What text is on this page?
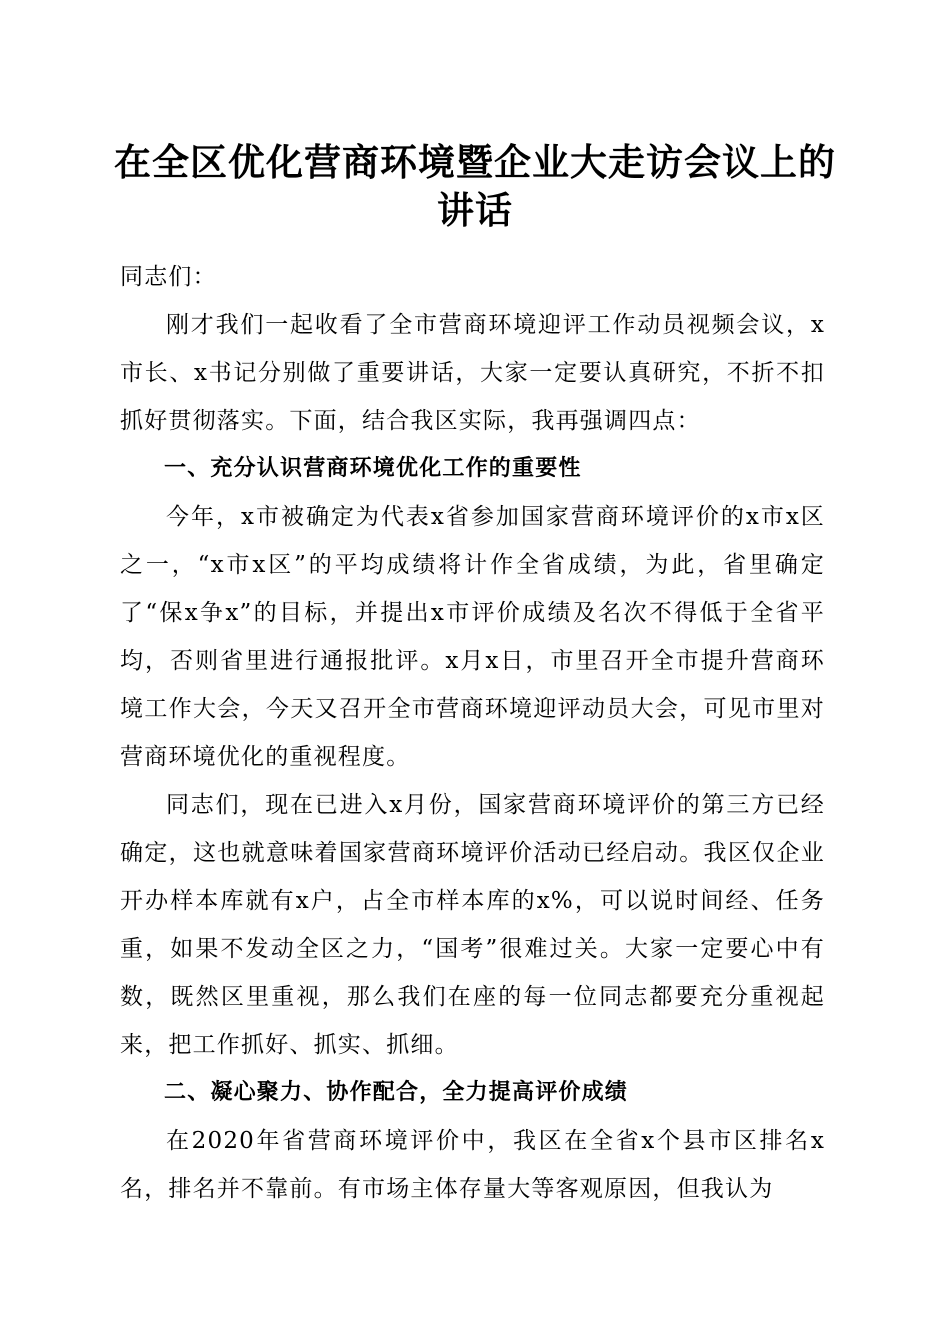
在全区优化营商环境暨企业大走访会议上的讲话

同志们：

刚才我们一起收看了全市营商环境迎评工作动员视频会议，x市长、x书记分别做了重要讲话，大家一定要认真研究，不折不扣抓好贯彻落实。下面，结合我区实际，我再强调四点：

一、充分认识营商环境优化工作的重要性

今年，x市被确定为代表x省参加国家营商环境评价的x市x区之一，“x市x区”的平均成绩将计作全省成绩，为此，省里确定了“保x争x”的目标，并提出x市评价成绩及名次不得低于全省平均，否则省里进行通报批评。x月x日，市里召开全市提升营商环境工作大会，今天又召开全市营商环境迎评动员大会，可见市里对营商环境优化的重视程度。

同志们，现在已进入x月份，国家营商环境评价的第三方已经确定，这也就意味着国家营商环境评价活动已经启动。我区仅企业开办样本库就有x户，占全市样本库的x%，可以说时间经、任务重，如果不发动全区之力，“国考”很难过关。大家一定要心中有数，既然区里重视，那么我们在座的每一位同志都要充分重视起来，把工作抓好、抓实、抓细。

二、凝心聚力、协作配合，全力提高评价成绩

在2020年省营商环境评价中，我区在全省x个县市区排名x名，排名并不靠前。有市场主体存量大等客观原因，但我认为
